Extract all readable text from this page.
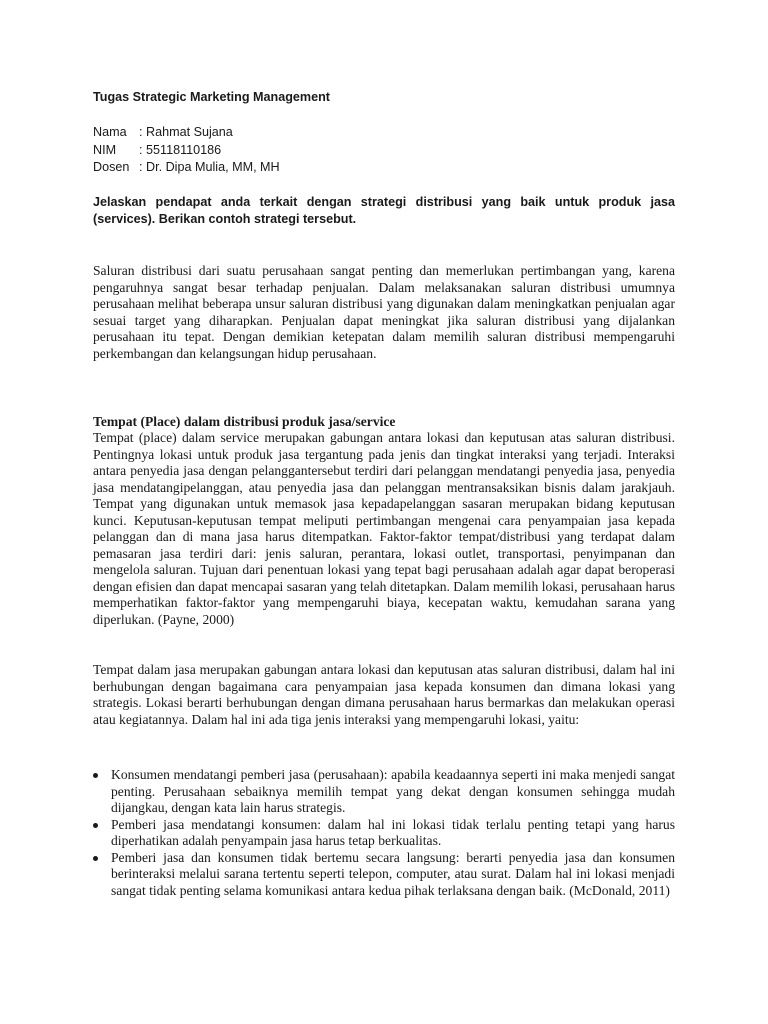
Tugas Strategic Marketing Management
Nama : Rahmat Sujana
NIM	: 55118110186
Dosen : Dr. Dipa Mulia, MM, MH
Jelaskan pendapat anda terkait dengan strategi distribusi yang baik untuk produk jasa (services). Berikan contoh strategi tersebut.

Saluran distribusi dari suatu perusahaan sangat penting dan memerlukan pertimbangan yang, karena pengaruhnya sangat besar terhadap penjualan. Dalam melaksanakan saluran distribusi umumnya perusahaan melihat beberapa unsur saluran distribusi yang digunakan dalam meningkatkan penjualan agar sesuai target yang diharapkan. Penjualan dapat meningkat jika saluran distribusi yang dijalankan perusahaan itu tepat. Dengan demikian ketepatan dalam memilih saluran distribusi mempengaruhi perkembangan dan kelangsungan hidup perusahaan.

Tempat (Place) dalam distribusi produk jasa/service

Tempat (place) dalam service merupakan gabungan antara lokasi dan keputusan atas saluran distribusi. Pentingnya lokasi untuk produk jasa tergantung pada jenis dan tingkat interaksi yang terjadi. Interaksi antara penyedia jasa dengan pelanggantersebut terdiri dari pelanggan mendatangi penyedia jasa, penyedia jasa mendatangipelanggan, atau penyedia jasa dan pelanggan mentransaksikan bisnis dalam jarakjauh. Tempat yang digunakan untuk memasok jasa kepadapelanggan sasaran merupakan bidang keputusan kunci. Keputusan-keputusan tempat meliputi pertimbangan mengenai cara penyampaian jasa kepada pelanggan dan di mana jasa harus ditempatkan. Faktor-faktor tempat/distribusi yang terdapat dalam pemasaran jasa terdiri dari: jenis saluran, perantara, lokasi outlet, transportasi, penyimpanan dan mengelola saluran. Tujuan dari penentuan lokasi yang tepat bagi perusahaan adalah agar dapat beroperasi dengan efisien dan dapat mencapai sasaran yang telah ditetapkan. Dalam memilih lokasi, perusahaan harus memperhatikan faktor-faktor yang mempengaruhi biaya, kecepatan waktu, kemudahan sarana yang diperlukan. (Payne, 2000)

Tempat dalam jasa merupakan gabungan antara lokasi dan keputusan atas saluran distribusi, dalam hal ini berhubungan dengan bagaimana cara penyampaian jasa kepada konsumen dan dimana lokasi yang strategis. Lokasi berarti berhubungan dengan dimana perusahaan harus bermarkas dan melakukan operasi atau kegiatannya. Dalam hal ini ada tiga jenis interaksi yang mempengaruhi lokasi, yaitu:

Konsumen mendatangi pemberi jasa (perusahaan): apabila keadaannya seperti ini maka menjedi sangat penting. Perusahaan sebaiknya memilih tempat yang dekat dengan konsumen sehingga mudah dijangkau, dengan kata lain harus strategis.
Pemberi jasa mendatangi konsumen: dalam hal ini lokasi tidak terlalu penting tetapi yang harus diperhatikan adalah penyampain jasa harus tetap berkualitas.
Pemberi jasa dan konsumen tidak bertemu secara langsung: berarti penyedia jasa dan konsumen berinteraksi melalui sarana tertentu seperti telepon, computer, atau surat. Dalam hal ini lokasi menjadi sangat tidak penting selama komunikasi antara kedua pihak terlaksana dengan baik. (McDonald, 2011)
